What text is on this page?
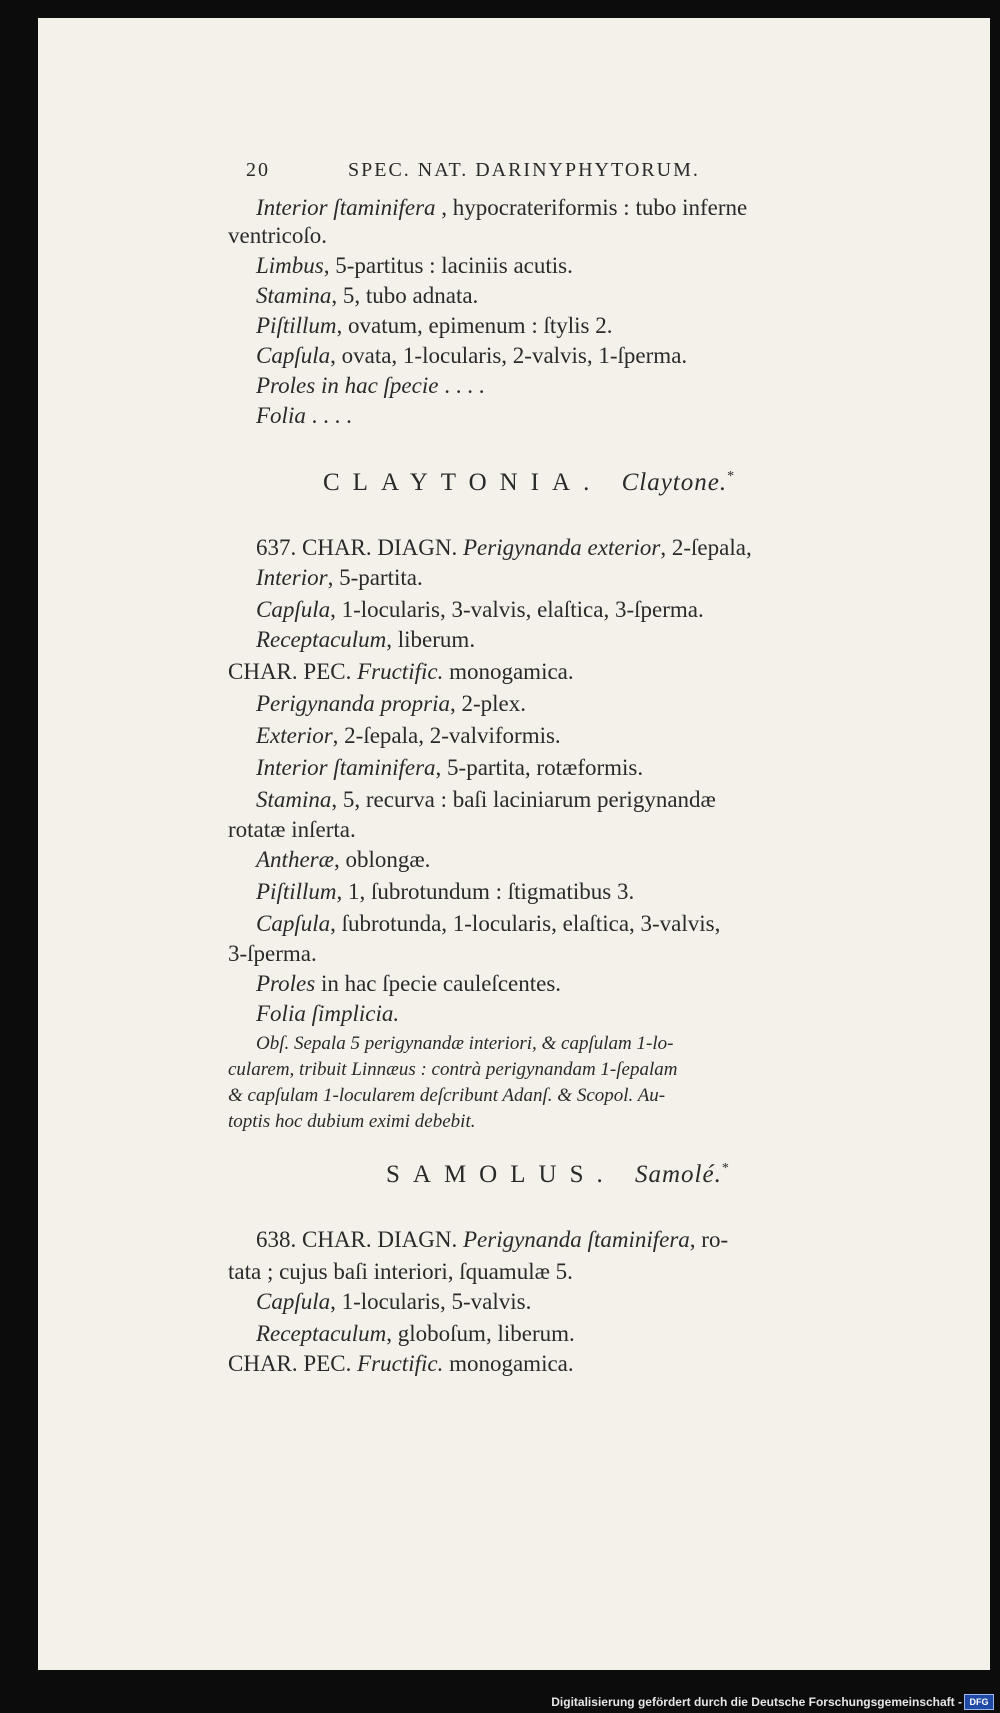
20	SPEC. NAT. DARINYPHYTORUM.
Interior ſtaminifera , hypocrateriformis : tubo inferne
ventricoſo.
Limbus, 5-partitus : laciniis acutis.
Stamina, 5, tubo adnata.
Piſtillum, ovatum, epimenum : ſtylis 2.
Capſula, ovata, 1-locularis, 2-valvis, 1-ſperma.
Proles in hac ſpecie . . . .
Folia . . . .
CLAYTONIA. Claytone.*
637. CHAR. DIAGN. Perigynanda exterior, 2-ſepala,
Interior, 5-partita.
Capſula, 1-locularis, 3-valvis, elaſtica, 3-ſperma.
Receptaculum, liberum.
CHAR. PEC. Fructific. monogamica.
Perigynanda propria, 2-plex.
Exterior, 2-ſepala, 2-valviformis.
Interior ſtaminifera, 5-partita, rotæformis.
Stamina, 5, recurva : baſi laciniarum perigynandæ
rotatæ inſerta.
Antheræ, oblongæ.
Piſtillum, 1, ſubrotundum : ſtigmatibus 3.
Capſula, ſubrotunda, 1-locularis, elaſtica, 3-valvis,
3-ſperma.
Proles in hac ſpecie cauleſcentes.
Folia ſimplicia.
Obſ. Sepala 5 perigynandæ interiori, & capſulam 1-lo-
cularem, tribuit Linnæus : contrà perigynandam 1-ſepalam
& capſulam 1-locularem deſcribunt Adanſ. & Scopol. Au-
toptis hoc dubium eximi debebit.
SAMOLUS. Samolé.*
638. CHAR. DIAGN. Perigynanda ſtaminifera, ro-
tata ; cujus baſi interiori, ſquamulæ 5.
Capſula, 1-locularis, 5-valvis.
Receptaculum, globoſum, liberum.
CHAR. PEC. Fructific. monogamica.
Digitalisierung gefördert durch die Deutsche Forschungsgemeinschaft - DFG
